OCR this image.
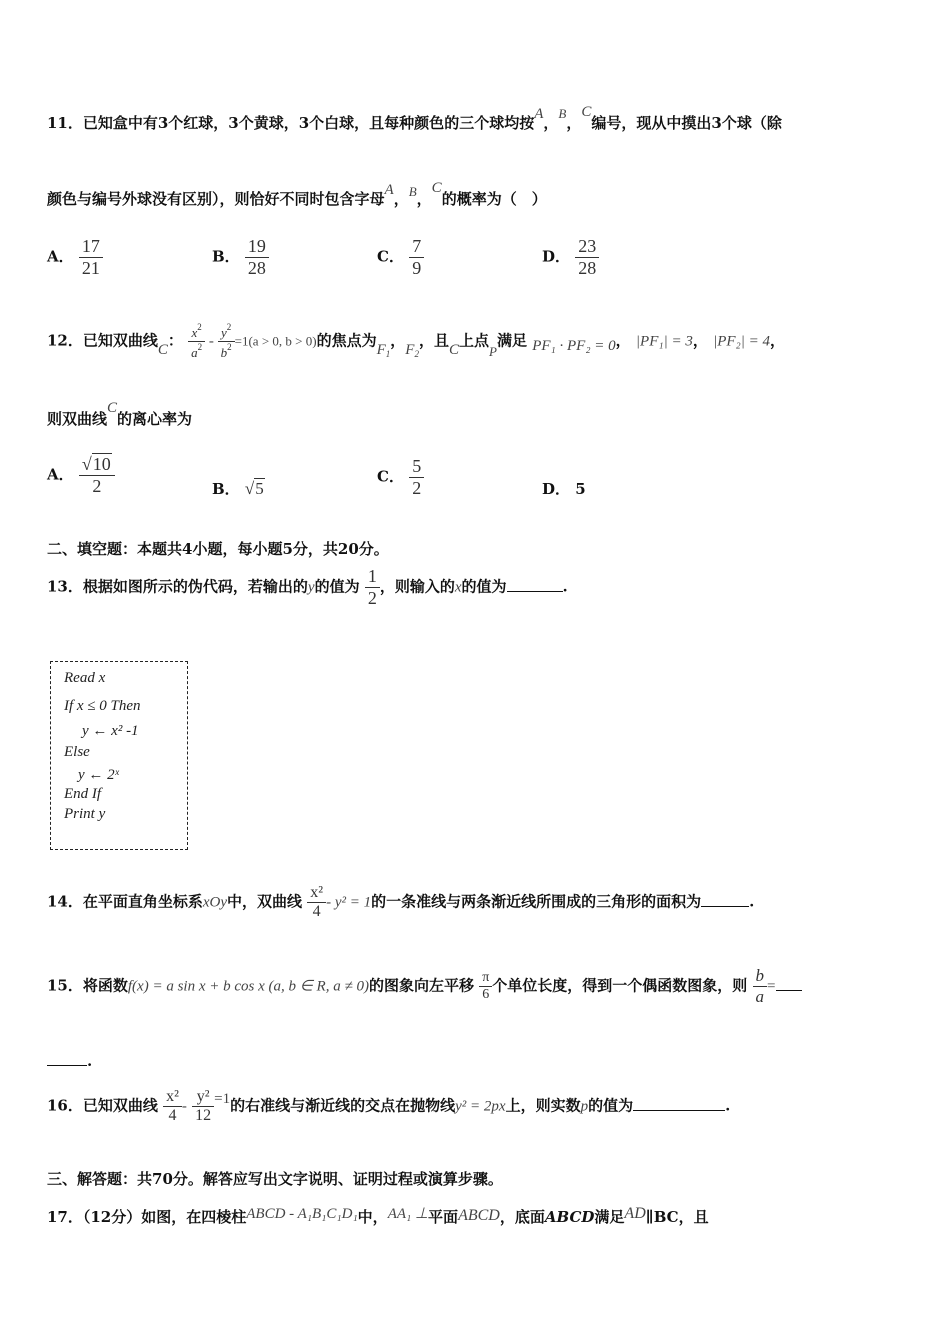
11．已知盒中有3个红球，3个黄球，3个白球，且每种颜色的三个球均按A，B，C编号，现从中摸出3个球（除
颜色与编号外球没有区别），则恰好不同时包含字母A，B，C的概率为（　）
A． $\frac{17}{21}$	B． $\frac{19}{28}$	C． $\frac{7}{9}$	D． $\frac{23}{28}$
12．已知双曲线C： $\frac{x^2}{a^2} - \frac{y^2}{b^2} =1(a > 0$, b > 0)的焦点为$F_1$，$F_2$，且C上点P满足 PF₁ · PF₂ = 0， |PF₁| = 3， |PF₂| = 4，
则双曲线C的离心率为
A． $\frac{√10}{2}$	B． √5
C． $\frac{5}{2}$	D． 5
二、填空题：本题共4小题，每小题5分，共20分。
13．根据如图所示的伪代码，若输出的y的值为 $\frac{1}{2}$ ，则输入的x的值为	.
Read x
If x ≤ 0 Then
y ← x² -1
Else
y ← 2ˣ
End If
Print y
14．在平面直角坐标系xOy中，双曲线 $\frac{\text{x²}}{4} - y^2 = 1$的一条准线与两条渐近线所围成的三角形的面积为	.
15．将函数f(x) = a sin x + b cos x (a, b ∈ R, a ≠ 0)的图象向左平移 $\frac{\pi}{6}$ 个单位长度，得到一个偶函数图象，则 $\frac{b}{a}$ =
.
16．已知双曲线 $\frac{\text{x²}}{4} - \frac{\text{y²}}{12} =1$的右准线与渐近线的交点在抛物线y² = 2px上，则实数p的值为	.
三、解答题：共70分。解答应写出文字说明、证明过程或演算步骤。
17．（12分）如图，在四棱柱ABCD - A₁B₁C₁D₁中，AA₁ ⊥平面ABCD，底面ABCD满足AD∥BC，且
